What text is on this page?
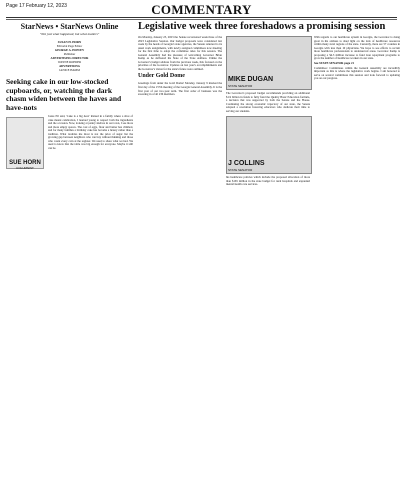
Page 17 February 12, 2023	COMMENTARY
StarNews • StarNews Online
"Not just what happened, but what matters"
SUSAN H. HORN
Editorial Page Editor
GEORGE A. HOWEY
Publisher
ADVERTISING DIRECTOR
WAYNE ROEDER
ADVERTISING
JANICE HAMM
Seeking cake in our low-stocked cupboards, or, watching the dark chasm widen between the haves and have-nots
SUE HORN
COLUMNIST
Jonas Ell said, 'Cake is a big deal.' Raised in a family where a slice of cake meant celebration, I learned young to respect both the ingredients and the occasion. Now, looking at pantry shelves in our town, I see more and more empty spaces. The cost of eggs, flour and butter has climbed, and for many families a birthday cake has become a luxury rather than a tradition. What troubles me most is not the price of sugar but the growing gap between neighbors who can buy without thinking and those who count every coin at the register. We used to share what we had. We used to know that the table was big enough for everyone. Maybe it still can be.
Legislative week three foreshadows a promising session
On Monday, January 23, 2023 the Senate reconvened week three of the 2023 Legislative Session. Our budget proposals were considered last week by the heads of Georgia's state agencies, the Senate returned to its usual work assignments, with newly assigned committees now meeting for the first time to adopt the committee rules for this session. The General Assembly had the pleasure of welcoming Governor Brian Kemp as he delivered his State of the State Address. Unlike the Governor's budget address from the previous week, this focused on the priorities of the Governor. Updates on last year's accomplishments and the Governor's vision for the state's future were outlined.
Under Gold Dome
Greetings from under the Gold Dome! Monday, January 9 marked the first day of the 157th meeting of the Georgia General Assembly. It is the first year of our two-year term. The first order of business was the swearing in of all 236 members.
MIKE DUGAN
STATE SENATOR
The Governor's proposed budget recommends providing an additional $1.9 billion in funds to fully fund the Quality Basic Education formula, a decision that was supported by both the Senate and the House. Continuing the strong economic trajectory of our state, the Senate adopted a resolution honoring educators who dedicate their time to serving our students.
J COLLINS
STATE SENATOR
his healthcare policies which include the proposed allocation of more than $165 million in the state budget for rural hospitals and expanded mental health care services.
With regards to our healthcare system in Georgia, the Governor is doing great in his address to shed light on the lack of healthcare resources within many rural regions of the state. Currently, there are 57 counties in Georgia with less than 10 physicians. We hope to see efforts to recruit more healthcare professionals to underserved areas. Governor Kemp is proposing a $4.3 million increase to fund loan repayment programs to grow the number of healthcare workers in our state.
See STATE SENATOR page 21
Committee: Committees within the General Assembly are incredibly important as this is where the legislative work begins. I am honored to serve on several committees this session and look forward to updating you on our progress.
